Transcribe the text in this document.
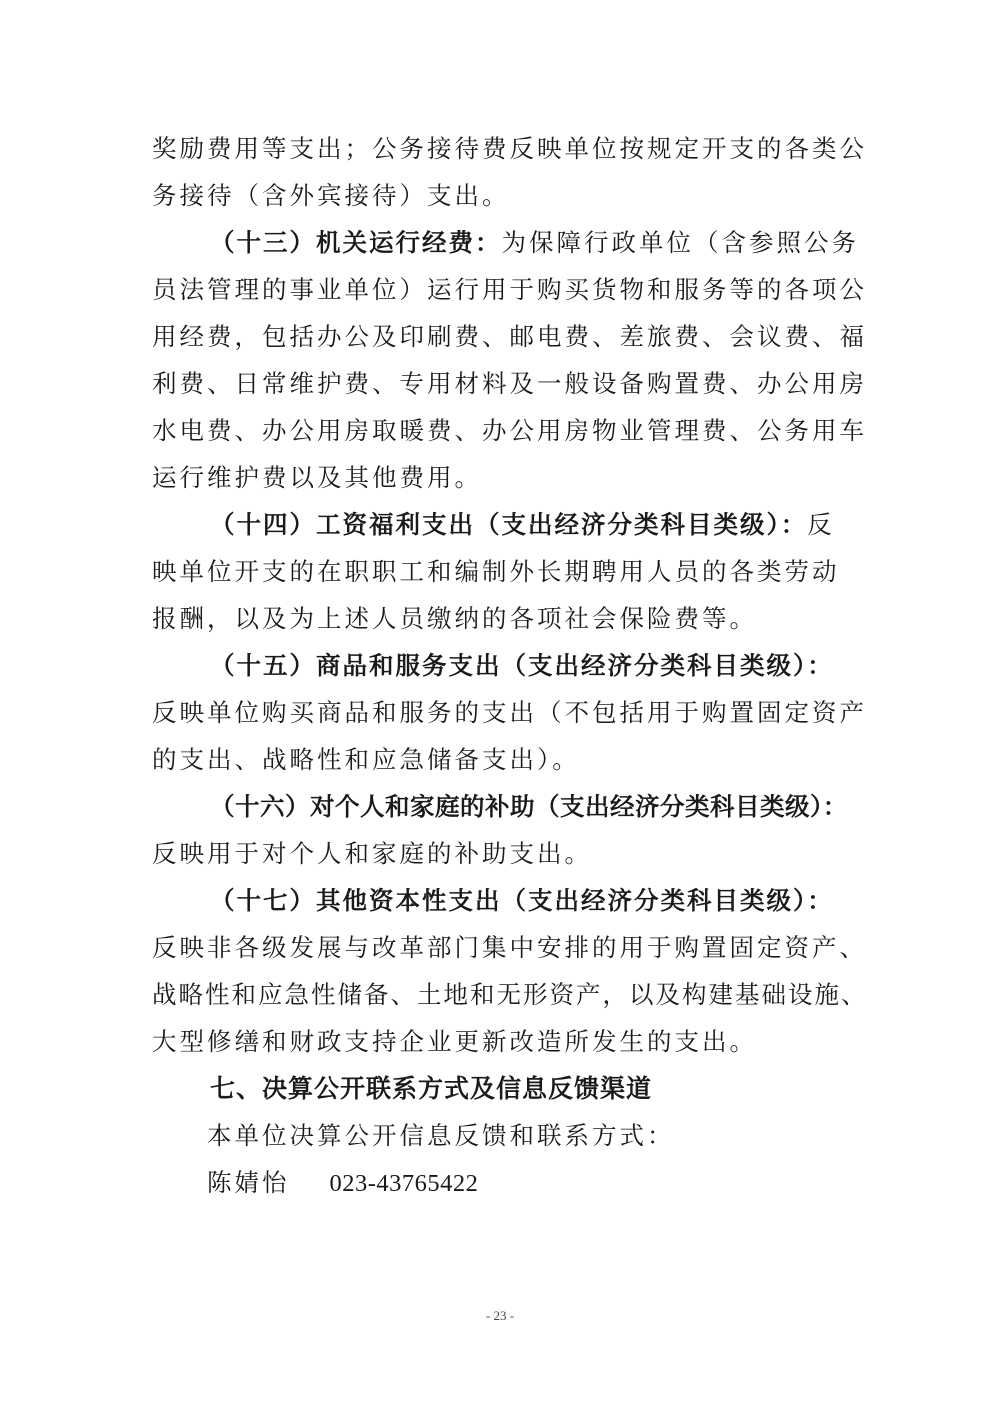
奖励费用等支出；公务接待费反映单位按规定开支的各类公
务接待（含外宾接待）支出。
（十三）机关运行经费：为保障行政单位（含参照公务
员法管理的事业单位）运行用于购买货物和服务等的各项公
用经费，包括办公及印刷费、邮电费、差旅费、会议费、福
利费、日常维护费、专用材料及一般设备购置费、办公用房
水电费、办公用房取暖费、办公用房物业管理费、公务用车
运行维护费以及其他费用。
（十四）工资福利支出（支出经济分类科目类级）：反
映单位开支的在职职工和编制外长期聘用人员的各类劳动
报酬，以及为上述人员缴纳的各项社会保险费等。
（十五）商品和服务支出（支出经济分类科目类级）：
反映单位购买商品和服务的支出（不包括用于购置固定资产
的支出、战略性和应急储备支出）。
（十六）对个人和家庭的补助（支出经济分类科目类级）：
反映用于对个人和家庭的补助支出。
（十七）其他资本性支出（支出经济分类科目类级）：
反映非各级发展与改革部门集中安排的用于购置固定资产、
战略性和应急性储备、土地和无形资产，以及构建基础设施、
大型修缮和财政支持企业更新改造所发生的支出。
七、决算公开联系方式及信息反馈渠道
本单位决算公开信息反馈和联系方式：
陈婧怡 023-43765422
- 23 -
